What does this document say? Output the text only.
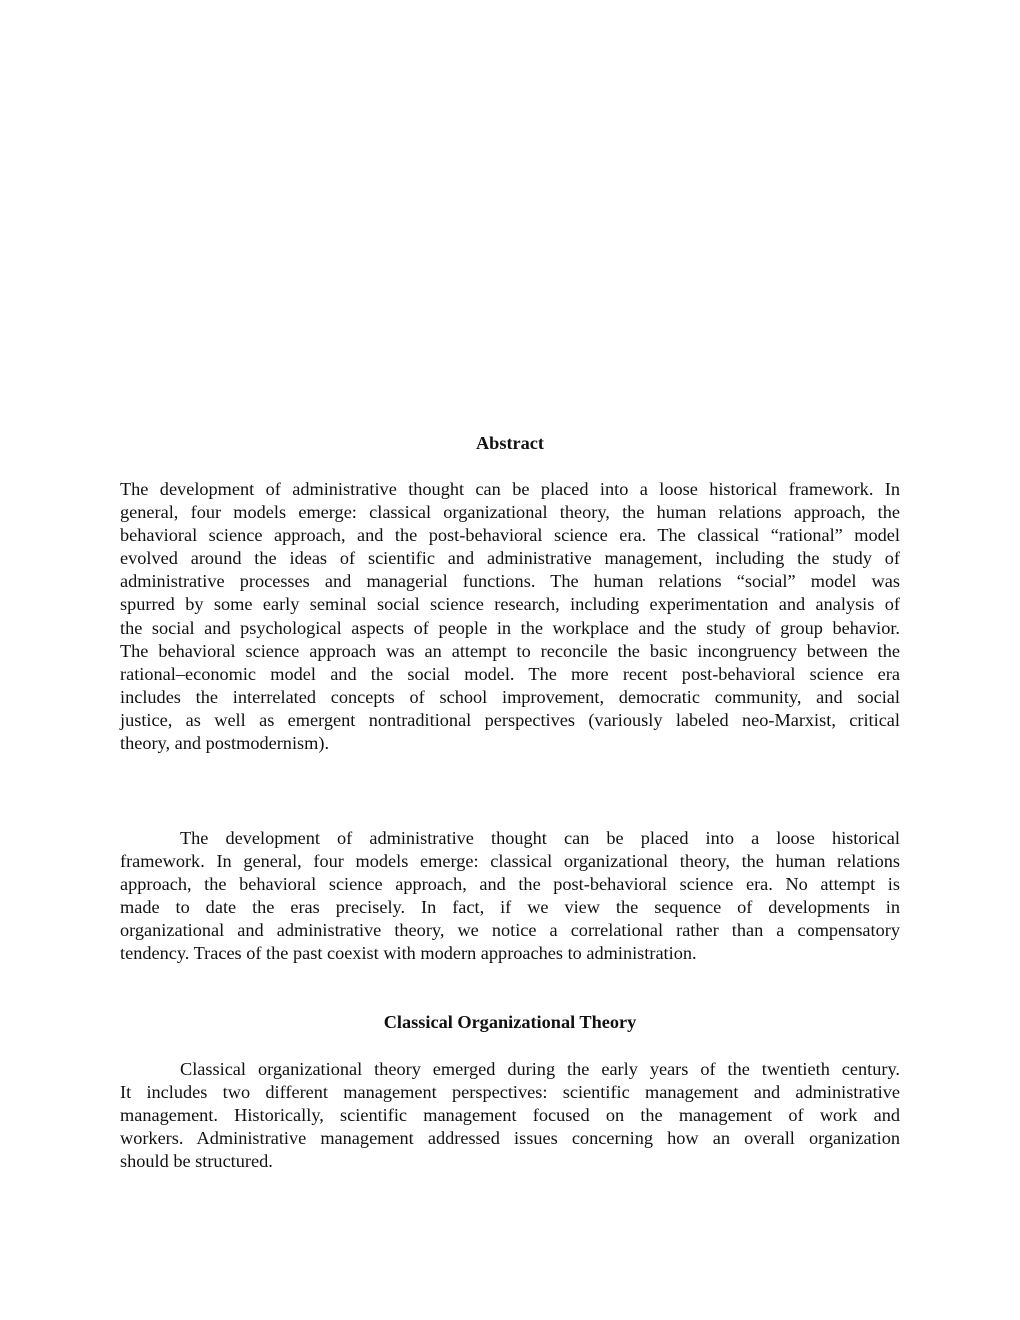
Abstract
The development of administrative thought can be placed into a loose historical framework. In
general, four models emerge: classical organizational theory, the human relations approach, the
behavioral science approach, and the post-behavioral science era. The classical “rational” model
evolved around the ideas of scientific and administrative management, including the study of
administrative processes and managerial functions. The human relations “social” model was
spurred by some early seminal social science research, including experimentation and analysis of
the social and psychological aspects of people in the workplace and the study of group behavior.
The behavioral science approach was an attempt to reconcile the basic incongruency between the
rational–economic model and the social model. The more recent post-behavioral science era
includes the interrelated concepts of school improvement, democratic community, and social
justice, as well as emergent nontraditional perspectives (variously labeled neo-Marxist, critical
theory, and postmodernism).
The development of administrative thought can be placed into a loose historical
framework. In general, four models emerge: classical organizational theory, the human relations
approach, the behavioral science approach, and the post-behavioral science era. No attempt is
made to date the eras precisely. In fact, if we view the sequence of developments in
organizational and administrative theory, we notice a correlational rather than a compensatory
tendency. Traces of the past coexist with modern approaches to administration.
Classical Organizational Theory
Classical organizational theory emerged during the early years of the twentieth century.
It includes two different management perspectives: scientific management and administrative
management. Historically, scientific management focused on the management of work and
workers. Administrative management addressed issues concerning how an overall organization
should be structured.
